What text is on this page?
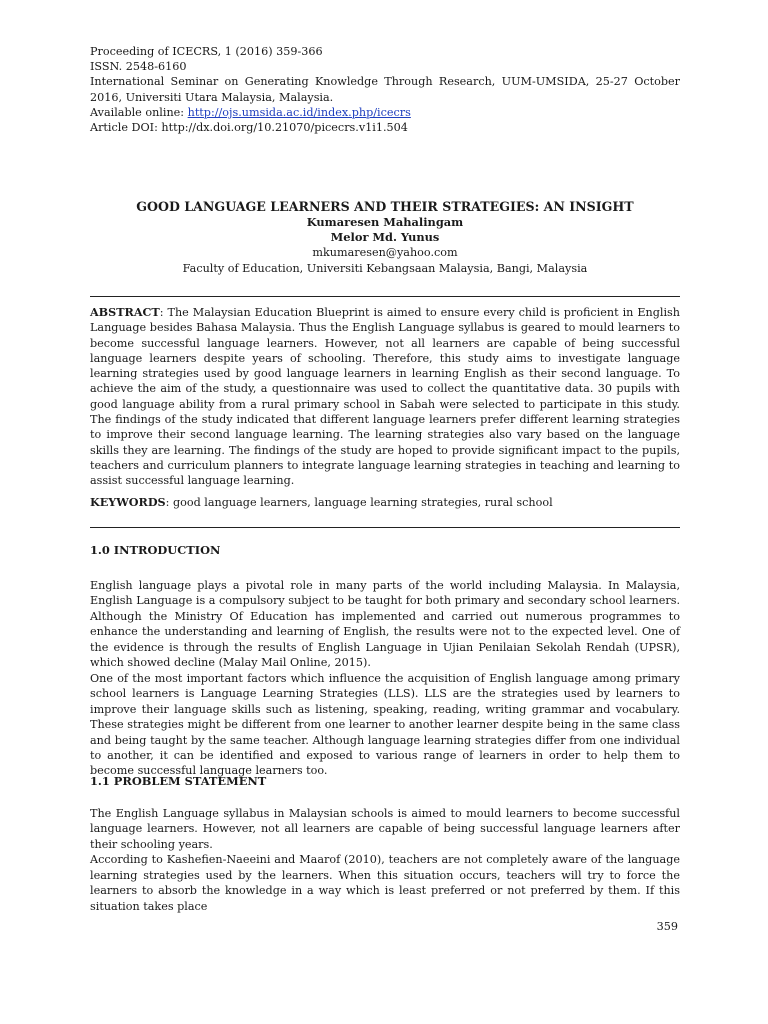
Proceeding of ICECRS, 1 (2016) 359-366
ISSN. 2548-6160
International Seminar on Generating Knowledge Through Research, UUM-UMSIDA, 25-27 October 2016, Universiti Utara Malaysia, Malaysia.
Available online: http://ojs.umsida.ac.id/index.php/icecrs
Article DOI: http://dx.doi.org/10.21070/picecrs.v1i1.504
GOOD LANGUAGE LEARNERS AND THEIR STRATEGIES: AN INSIGHT
Kumaresen Mahalingam
Melor Md. Yunus
mkumaresen@yahoo.com
Faculty of Education, Universiti Kebangsaan Malaysia, Bangi, Malaysia
ABSTRACT: The Malaysian Education Blueprint is aimed to ensure every child is proficient in English Language besides Bahasa Malaysia. Thus the English Language syllabus is geared to mould learners to become successful language learners. However, not all learners are capable of being successful language learners despite years of schooling. Therefore, this study aims to investigate language learning strategies used by good language learners in learning English as their second language. To achieve the aim of the study, a questionnaire was used to collect the quantitative data. 30 pupils with good language ability from a rural primary school in Sabah were selected to participate in this study. The findings of the study indicated that different language learners prefer different learning strategies to improve their second language learning. The learning strategies also vary based on the language skills they are learning. The findings of the study are hoped to provide significant impact to the pupils, teachers and curriculum planners to integrate language learning strategies in teaching and learning to assist successful language learning.
KEYWORDS: good language learners, language learning strategies, rural school
1.0 INTRODUCTION

English language plays a pivotal role in many parts of the world including Malaysia. In Malaysia, English Language is a compulsory subject to be taught for both primary and secondary school learners. Although the Ministry Of Education has implemented and carried out numerous programmes to enhance the understanding and learning of English, the results were not to the expected level. One of the evidence is through the results of English Language in Ujian Penilaian Sekolah Rendah (UPSR), which showed decline (Malay Mail Online, 2015).

One of the most important factors which influence the acquisition of English language among primary school learners is Language Learning Strategies (LLS). LLS are the strategies used by learners to improve their language skills such as listening, speaking, reading, writing grammar and vocabulary. These strategies might be different from one learner to another learner despite being in the same class and being taught by the same teacher. Although language learning strategies differ from one individual to another, it can be identified and exposed to various range of learners in order to help them to become successful language learners too.

1.1 PROBLEM STATEMENT

The English Language syllabus in Malaysian schools is aimed to mould learners to become successful language learners. However, not all learners are capable of being successful language learners after their schooling years.

According to Kashefien-Naeeini and Maarof (2010), teachers are not completely aware of the language learning strategies used by the learners. When this situation occurs, teachers will try to force the learners to absorb the knowledge in a way which is least preferred or not preferred by them. If this situation takes place

359
